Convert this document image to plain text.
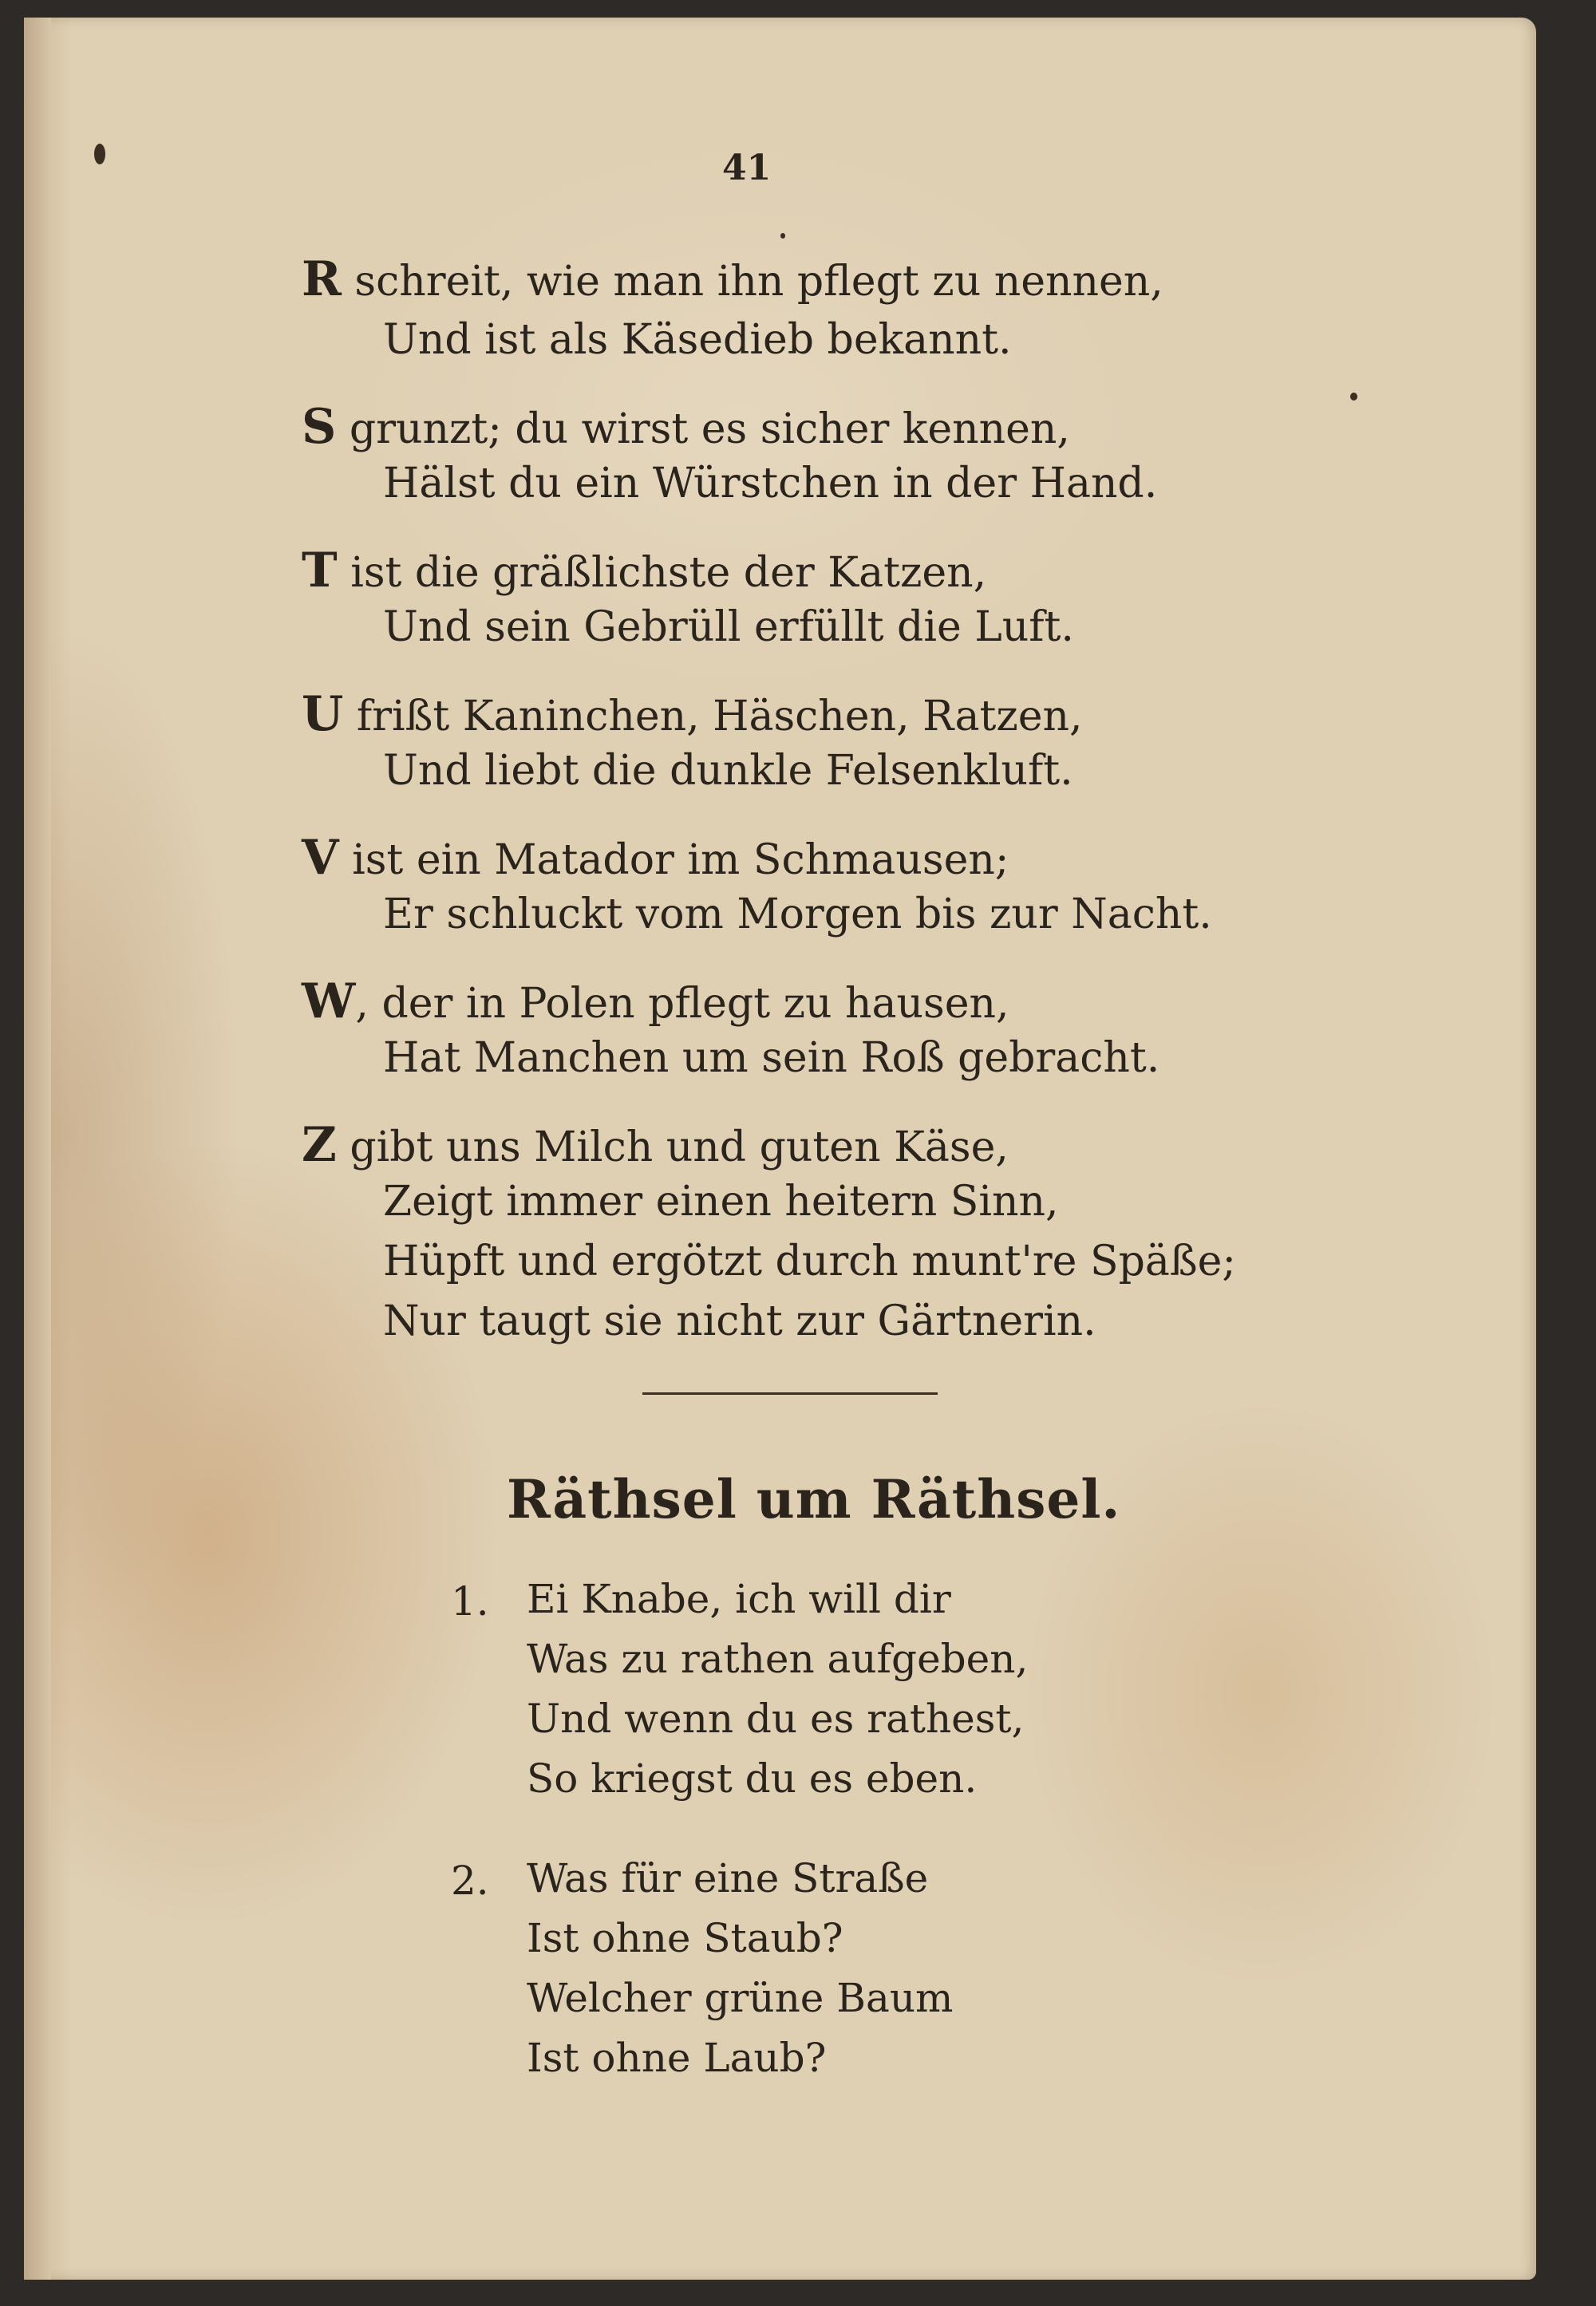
41
R schreit, wie man ihn pflegt zu nennen,
Und ist als Käsedieb bekannt.
S grunzt; du wirst es sicher kennen,
Hälst du ein Würstchen in der Hand.
T ist die gräßlichste der Katzen,
Und sein Gebrüll erfüllt die Luft.
U frißt Kaninchen, Häschen, Ratzen,
Und liebt die dunkle Felsenkluft.
V ist ein Matador im Schmausen;
Er schluckt vom Morgen bis zur Nacht.
W, der in Polen pflegt zu hausen,
Hat Manchen um sein Roß gebracht.
Z gibt uns Milch und guten Käse,
Zeigt immer einen heitern Sinn,
Hüpft und ergötzt durch munt're Späße;
Nur taugt sie nicht zur Gärtnerin.
Räthsel um Räthsel.
1. Ei Knabe, ich will dir
Was zu rathen aufgeben,
Und wenn du es rathest,
So kriegst du es eben.
2. Was für eine Straße
Ist ohne Staub?
Welcher grüne Baum
Ist ohne Laub?
